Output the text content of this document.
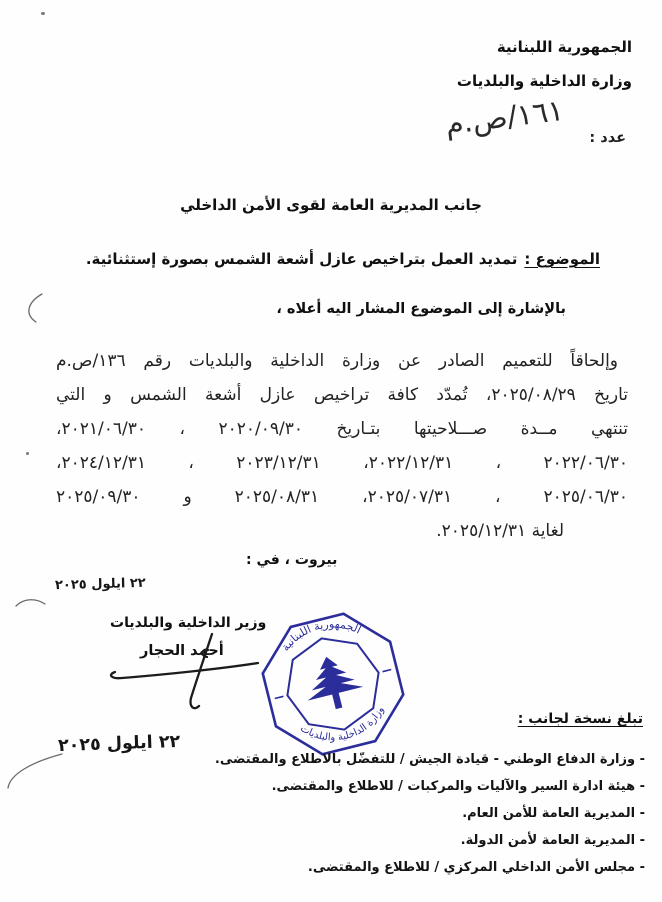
الجمهورية اللبنانية
وزارة الداخلية والبلديات
عدد :
١٦١/ص.م
جانب المديرية العامة لقوى الأمن الداخلي
الموضوع :تمديد العمل بتراخيص عازل أشعة الشمس بصورة إستثنائية.
بالإشارة إلى الموضوع المشار اليه أعلاه ،
وإلحاقاً للتعميم الصادر عن وزارة الداخلية والبلديات رقم ١٣٦/ص.م
تاريخ ٢٠٢٥/٠٨/٢٩، تُمدّد كافة تراخيص عازل أشعة الشمس و التي
تنتهي مــدة صـــلاحيتها بتـاريخ ٢٠٢٠/٠٩/٣٠ ، ٢٠٢١/٠٦/٣٠،
٢٠٢٢/٠٦/٣٠ ، ٢٠٢٢/١٢/٣١، ٢٠٢٣/١٢/٣١ ، ٢٠٢٤/١٢/٣١،
٢٠٢٥/٠٦/٣٠ ، ٢٠٢٥/٠٧/٣١، ٢٠٢٥/٠٨/٣١ و ٢٠٢٥/٠٩/٣٠
لغاية ٢٠٢٥/١٢/٣١.
بيروت ، في :
٢٢ ايلول ٢٠٢٥
وزير الداخلية والبلديات
أحمد الحجار	الجمهورية اللبنانية
وزارة الداخلية والبلديات
٢٢ ايلول ٢٠٢٥
تبلغ نسخة لجانب :
- وزارة الدفاع الوطني - قيادة الجيش / للتفضّل بالاطلاع والمقتضى.
- هيئة ادارة السير والآليات والمركبات / للاطلاع والمقتضى.
- المديرية العامة للأمن العام.
- المديرية العامة لأمن الدولة.
- مجلس الأمن الداخلي المركزي / للاطلاع والمقتضى.
